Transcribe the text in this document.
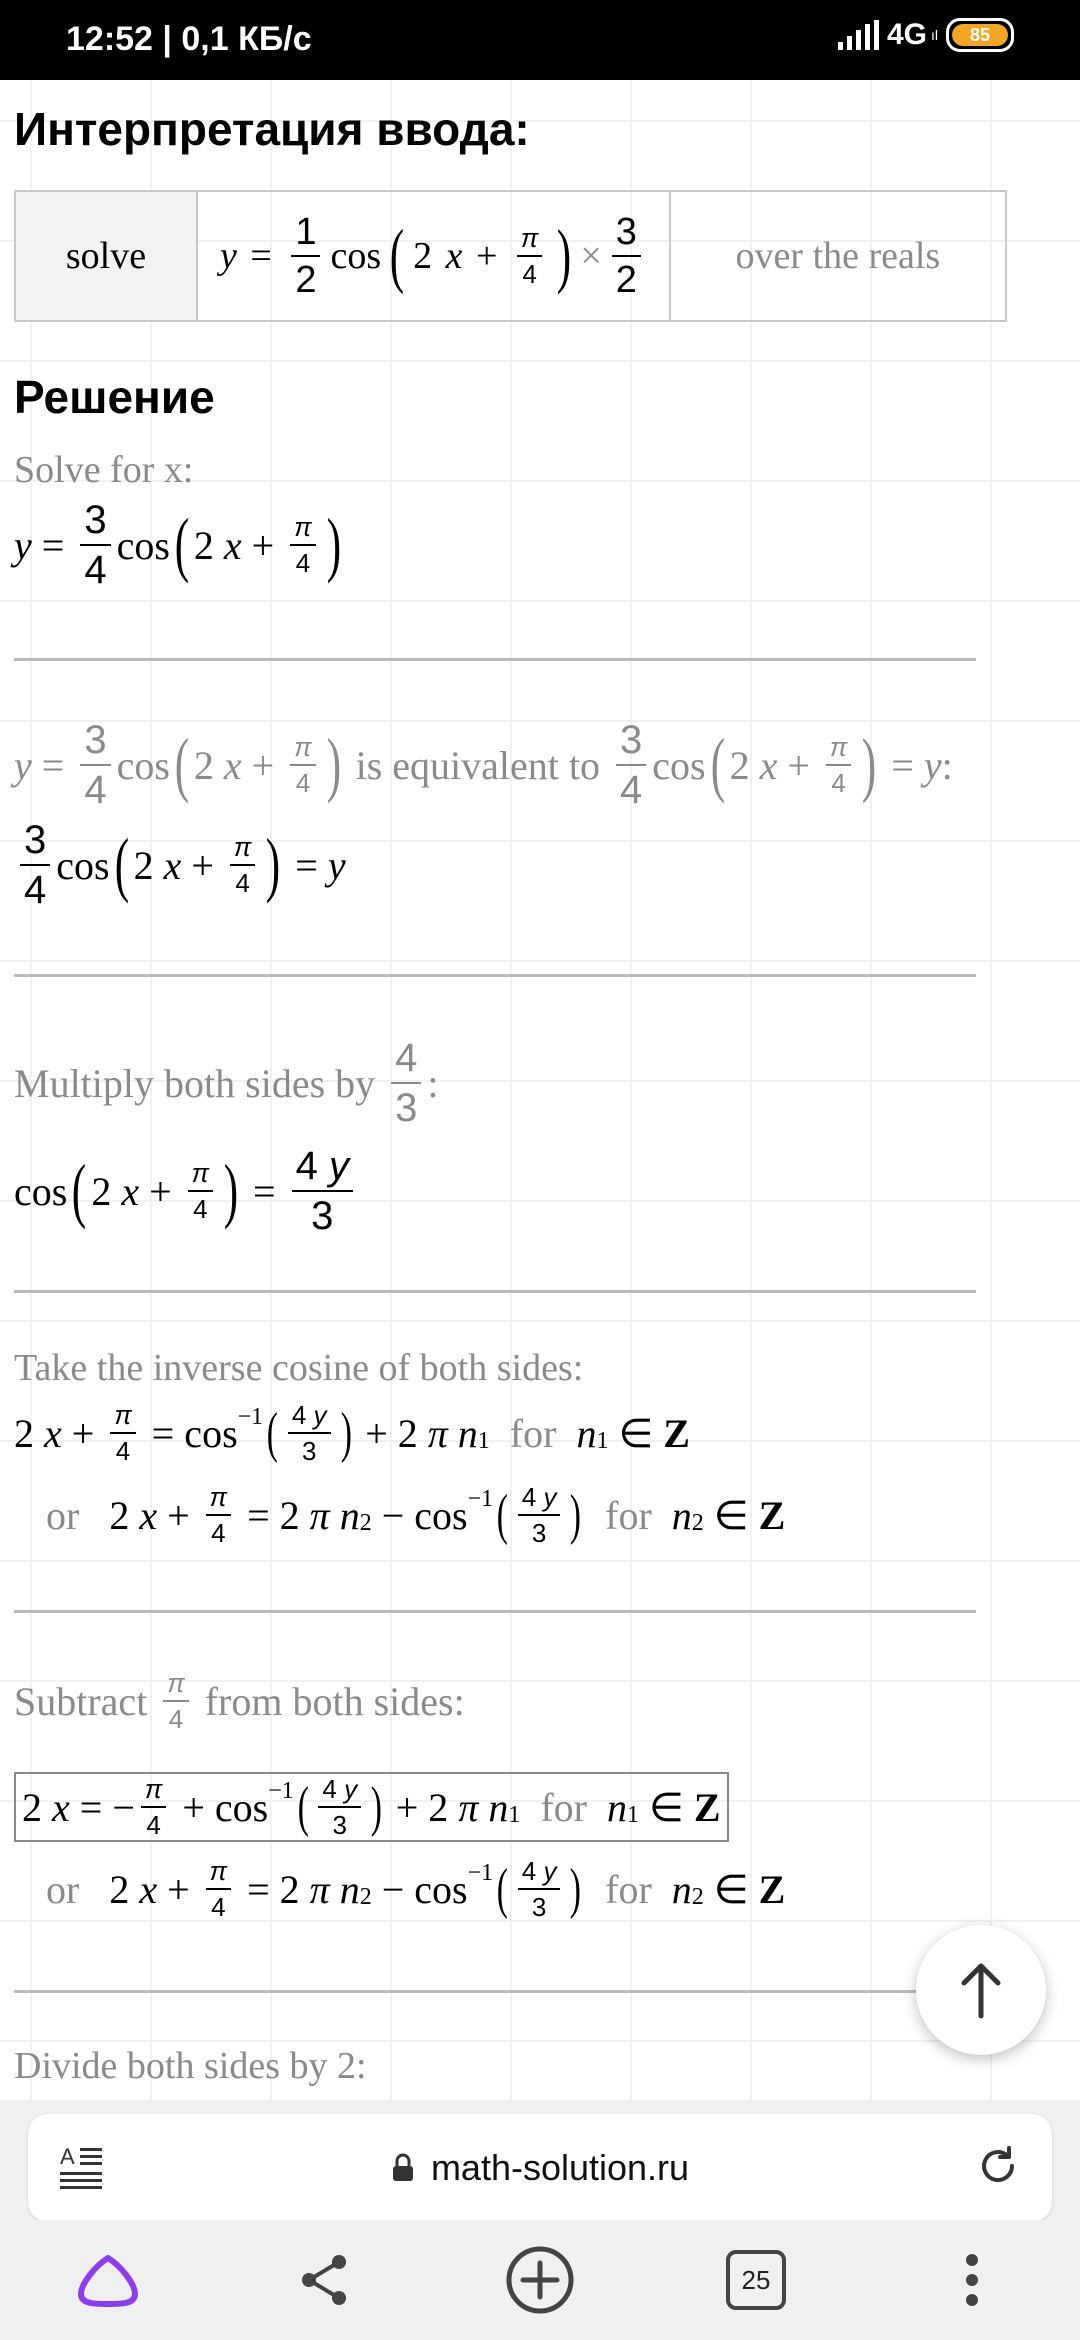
12:52 | 0,1 КБ/с	4G ıl	85
Интерпретация ввода:
solve	$y = \frac{1}{2}$ cos ( 2 $x + \frac{\pi}{4}$ ) × $\frac{3}{2}$	over the reals
Решение
Solve for x:
$y = \frac{3}{4}$ cos ( 2 $x + \frac{\pi}{4}$ )
$y = \frac{3}{4}$ cos ( 2 $x + \frac{\pi}{4}$ )
is equivalent to
$\frac{3}{4}$ cos ( 2 $x + \frac{\pi}{4}$ ) = y :
$\frac{3}{4}$ cos ( 2 $x + \frac{\pi}{4}$ ) = y
Multiply both sides by
$\frac{4}{3}$ :
cos ( 2 $x + \frac{\pi}{4}$ ) = $\frac{4 y}{3}$
Take the inverse cosine of both sides:
2 $x + \frac{\pi}{4} = \cos -1$ ( $\frac{4 y}{3}$ ) + 2 π
n 1
for
n 1 ∈ Z
or 2 $x + \frac{\pi}{4} = 2$ π
n 2 − cos −1 ( $\frac{4 y}{3}$ )
for
n 2 ∈ Z
Subtract
$\frac{\pi}{4}$
from both sides:
2 x = − $\frac{\pi}{4} + \cos -1$ ( $\frac{4 y}{3}$ ) + 2 π
n 1
for
n 1 ∈ Z
or 2 $x + \frac{\pi}{4} = 2$ π
n 2 − cos −1 ( $\frac{4 y}{3}$ )
for
n 2 ∈ Z
Divide both sides by 2:
A	math-solution.ru
25
